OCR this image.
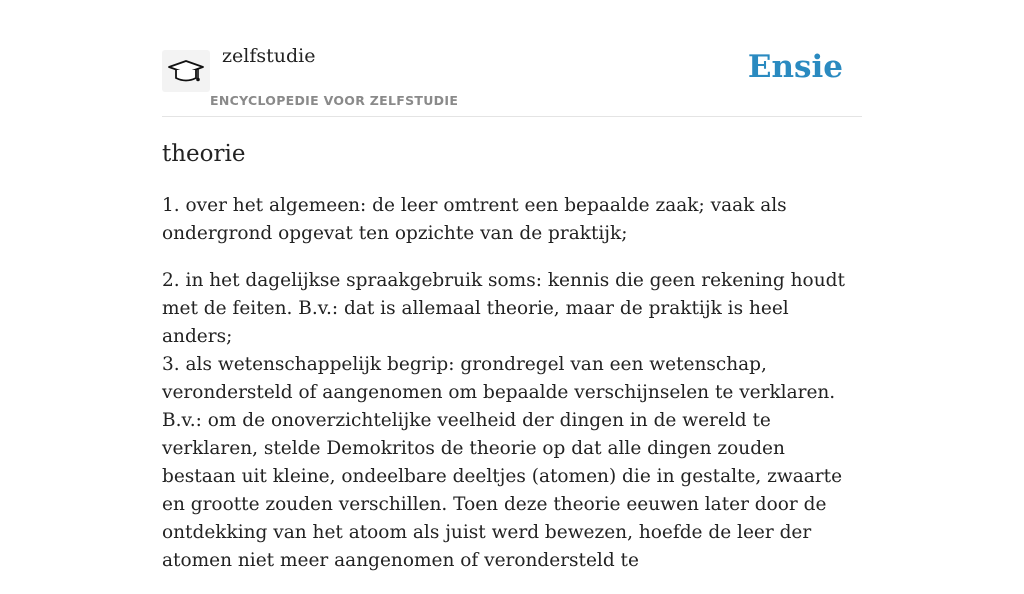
zelfstudie
ENCYCLOPEDIE VOOR ZELFSTUDIE
Ensie
theorie

1. over het algemeen: de leer omtrent een bepaalde zaak; vaak als ondergrond opgevat ten opzichte van de praktijk;

2. in het dagelijkse spraakgebruik soms: kennis die geen rekening houdt met de feiten. B.v.: dat is allemaal theorie, maar de praktijk is heel anders;

3. als wetenschappelijk begrip: grondregel van een wetenschap, verondersteld of aangenomen om bepaalde verschijnselen te verklaren. B.v.: om de onoverzichtelijke veelheid der dingen in de wereld te verklaren, stelde Demokritos de theorie op dat alle dingen zouden bestaan uit kleine, ondeelbare deeltjes (atomen) die in gestalte, zwaarte en grootte zouden verschillen. Toen deze theorie eeuwen later door de ontdekking van het atoom als juist werd bewezen, hoefde de leer der atomen niet meer aangenomen of verondersteld te
